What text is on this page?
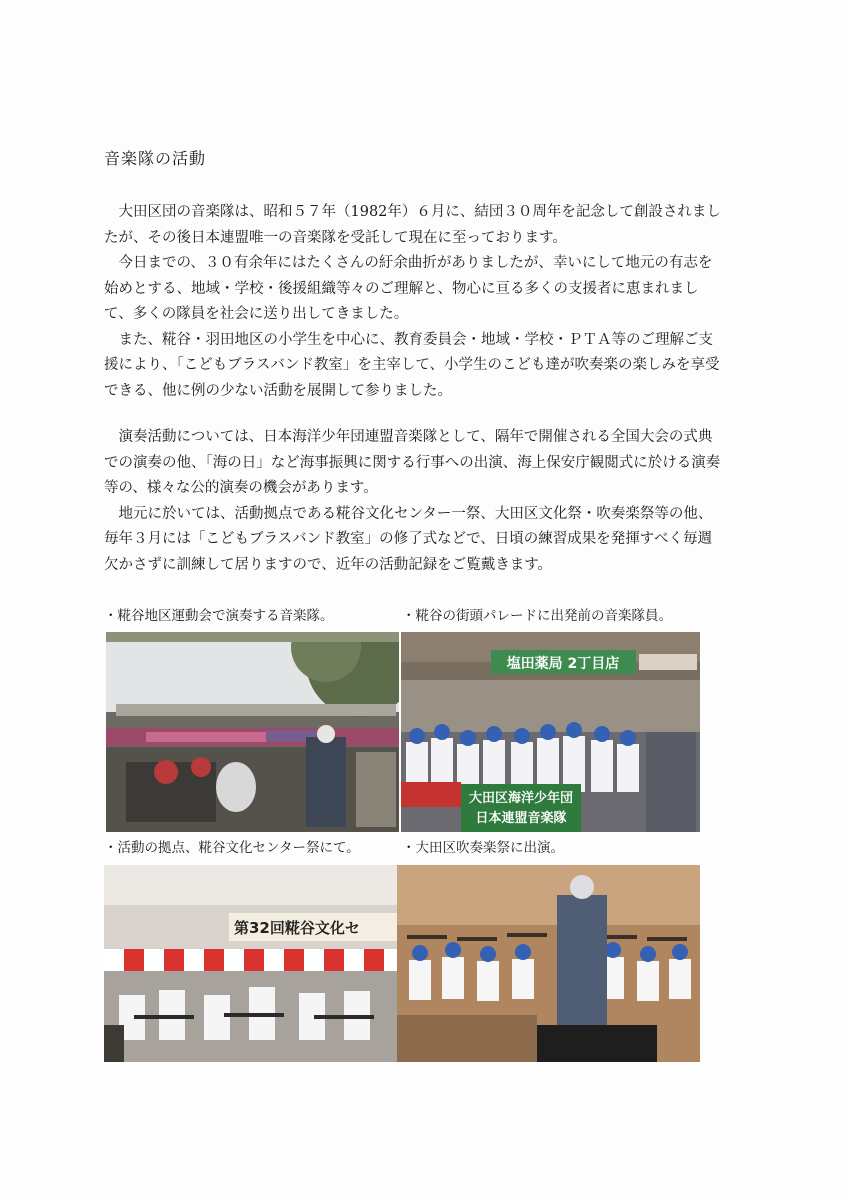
音楽隊の活動

大田区団の音楽隊は、昭和５７年（1982年）６月に、結団３０周年を記念して創設されましたが、その後日本連盟唯一の音楽隊を受託して現在に至っております。

今日までの、３０有余年にはたくさんの紆余曲折がありましたが、幸いにして地元の有志を始めとする、地域・学校・後援組織等々のご理解と、物心に亘る多くの支援者に恵まれまして、多くの隊員を社会に送り出してきました。

また、糀谷・羽田地区の小学生を中心に、教育委員会・地域・学校・ＰＴＡ等のご理解ご支援により、「こどもブラスバンド教室」を主宰して、小学生のこども達が吹奏楽の楽しみを享受できる、他に例の少ない活動を展開して参りました。

演奏活動については、日本海洋少年団連盟音楽隊として、隔年で開催される全国大会の式典での演奏の他、「海の日」など海事振興に関する行事への出演、海上保安庁観閲式に於ける演奏等の、様々な公的演奏の機会があります。

地元に於いては、活動拠点である糀谷文化センター一祭、大田区文化祭・吹奏楽祭等の他、毎年３月には「こどもブラスバンド教室」の修了式などで、日頃の練習成果を発揮すべく毎週欠かさずに訓練して居りますので、近年の活動記録をご覧戴きます。

・糀谷地区運動会で演奏する音楽隊。	・糀谷の街頭パレードに出発前の音楽隊員。
・活動の拠点、糀谷文化センター祭にて。	・大田区吹奏楽祭に出演。
塩田薬局 2丁目店
大田区海洋少年団
日本連盟音楽隊
第32回糀谷文化セ
